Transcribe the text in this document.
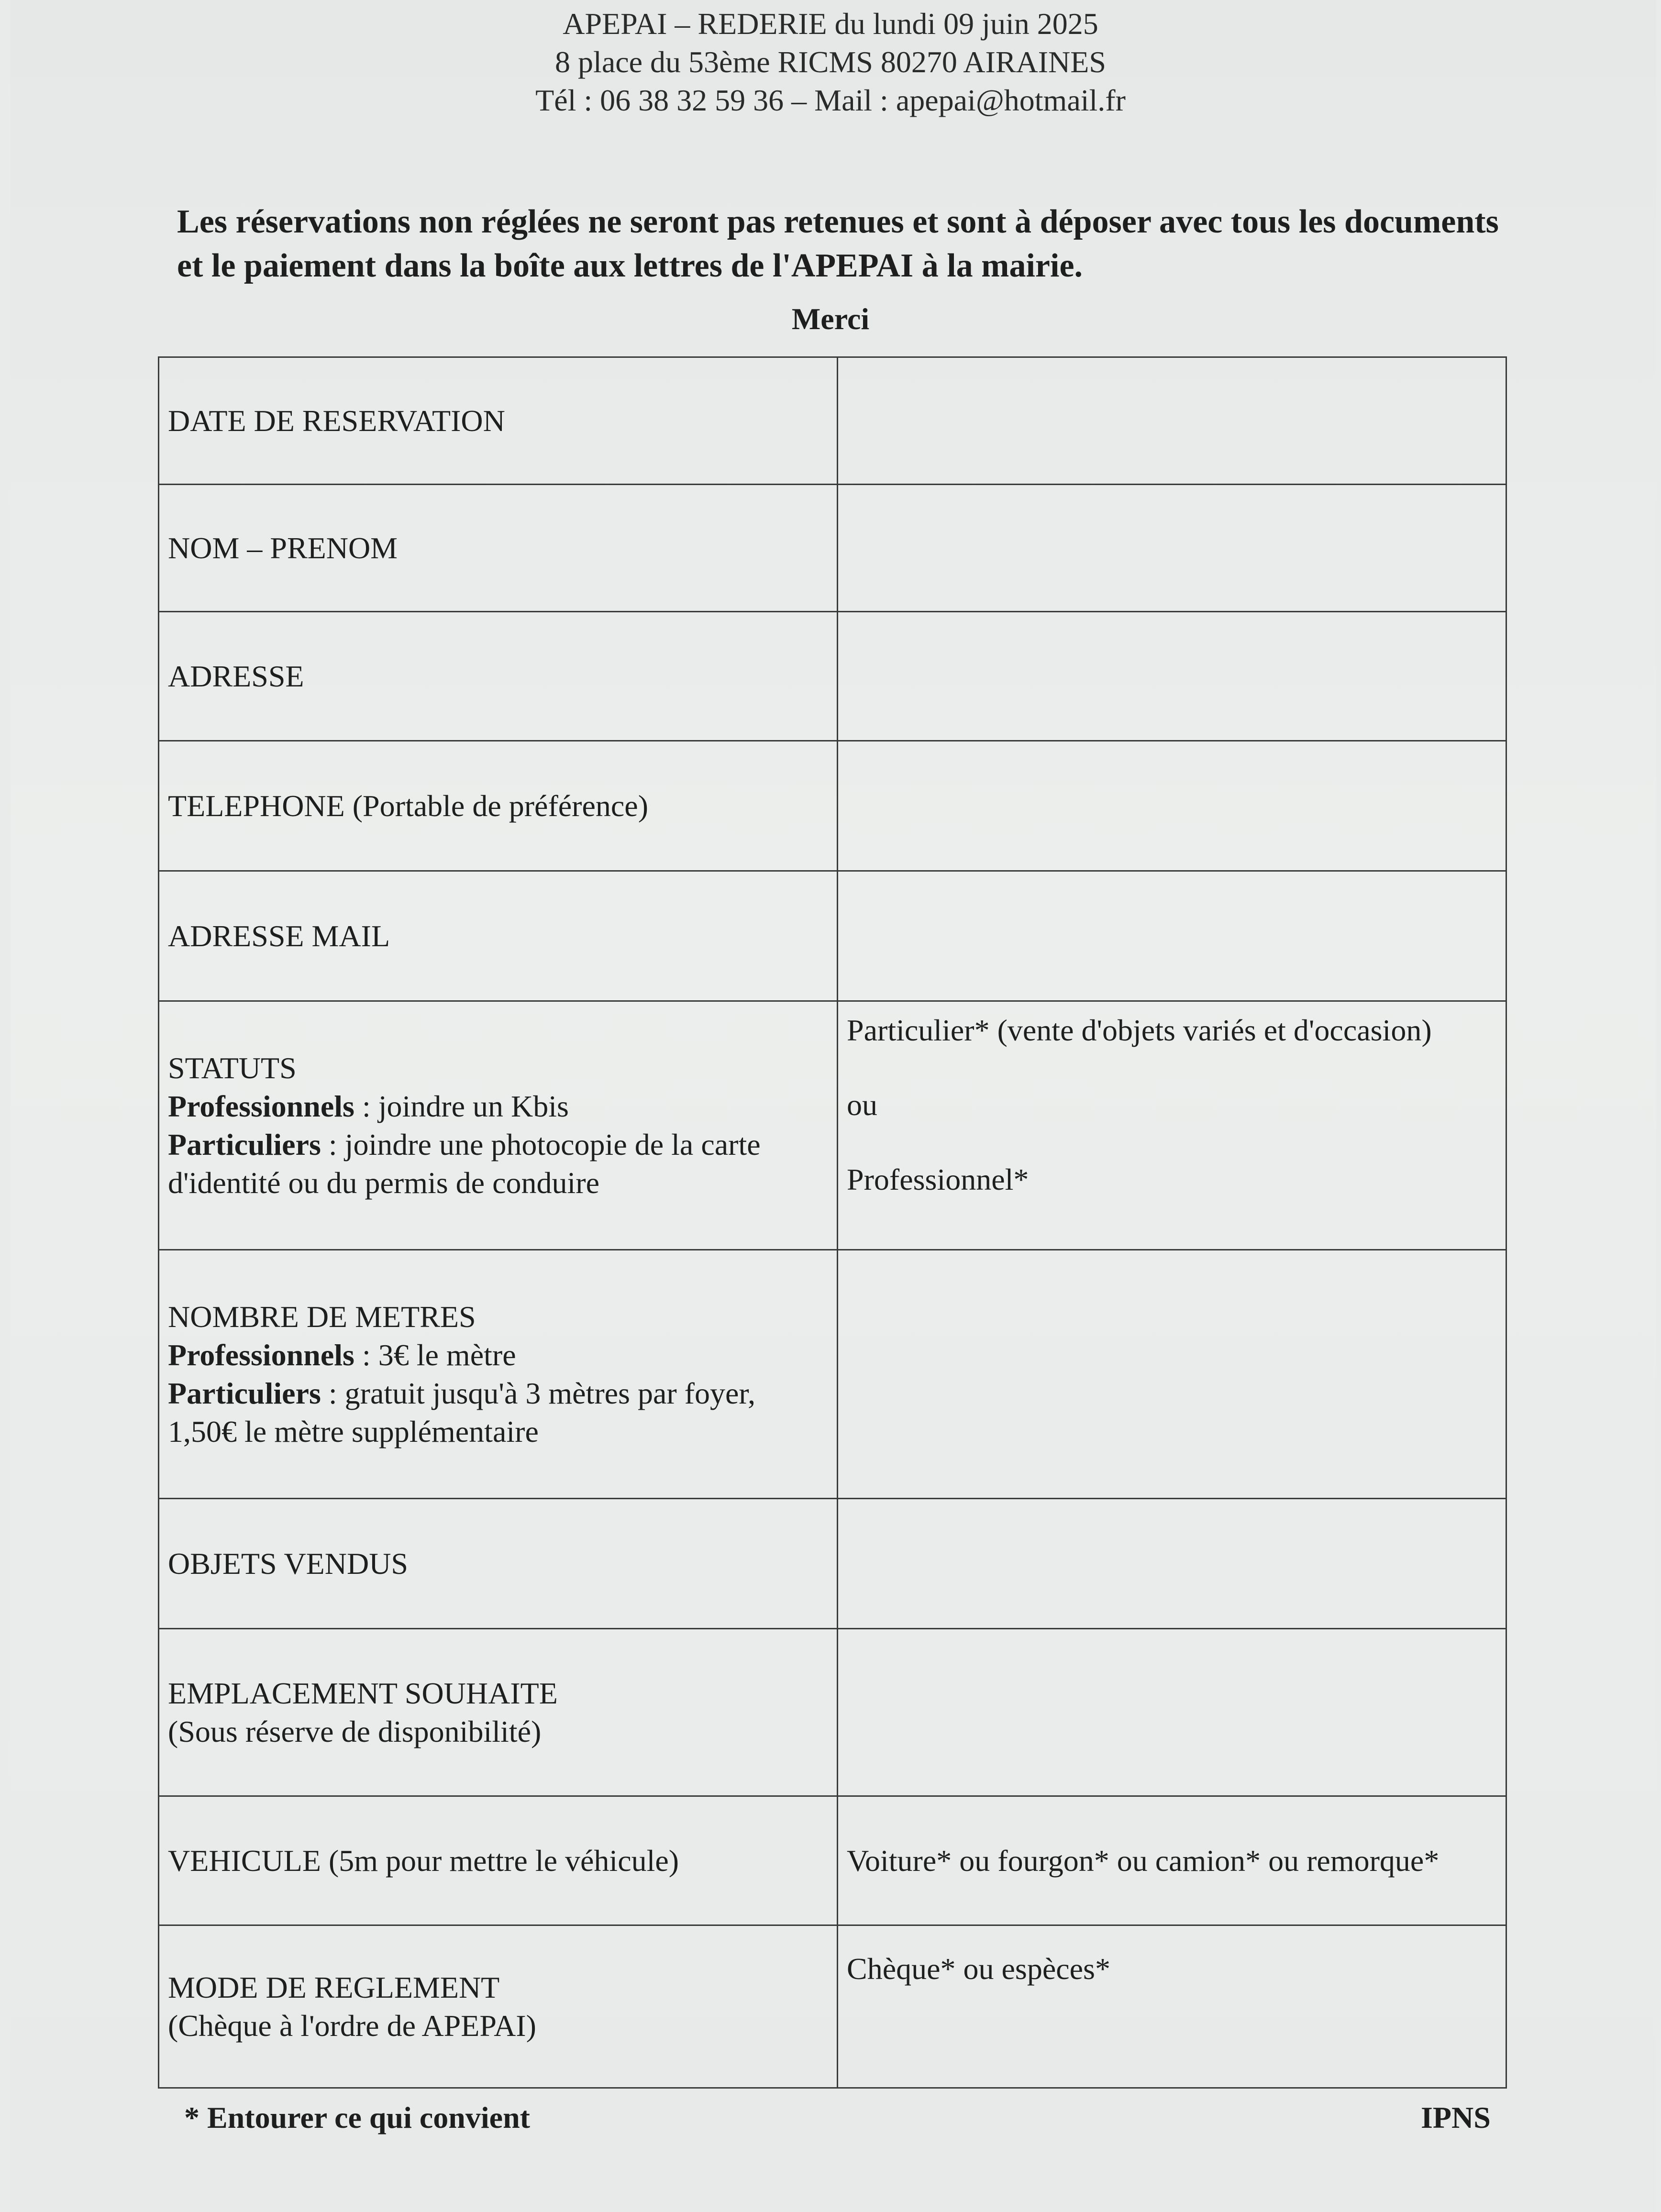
APEPAI – REDERIE du lundi 09 juin 2025
8 place du 53ème RICMS 80270 AIRAINES
Tél : 06 38 32 59 36 – Mail : apepai@hotmail.fr
Les réservations non réglées ne seront pas retenues et sont à déposer avec tous les documents et le paiement dans la boîte aux lettres de l'APEPAI à la mairie.
Merci
DATE DE RESERVATION	
NOM – PRENOM	
ADRESSE	
TELEPHONE (Portable de préférence)	
ADRESSE MAIL	

STATUTS
Professionnels : joindre un Kbis
Particuliers : joindre une photocopie de la carte d'identité ou du permis de conduire	Particulier* (vente d'objets variés et d'occasion)
ou
Professionnel*

NOMBRE DE METRES
Professionnels : 3€ le mètre
Particuliers : gratuit jusqu'à 3 mètres par foyer, 1,50€ le mètre supplémentaire	

OBJETS VENDUS	

EMPLACEMENT SOUHAITE
(Sous réserve de disponibilité)	

VEHICULE (5m pour mettre le véhicule)	Voiture* ou fourgon* ou camion* ou remorque*

MODE DE REGLEMENT
(Chèque à l'ordre de APEPAI)	Chèque* ou espèces*
* Entourer ce qui convient	IPNS
